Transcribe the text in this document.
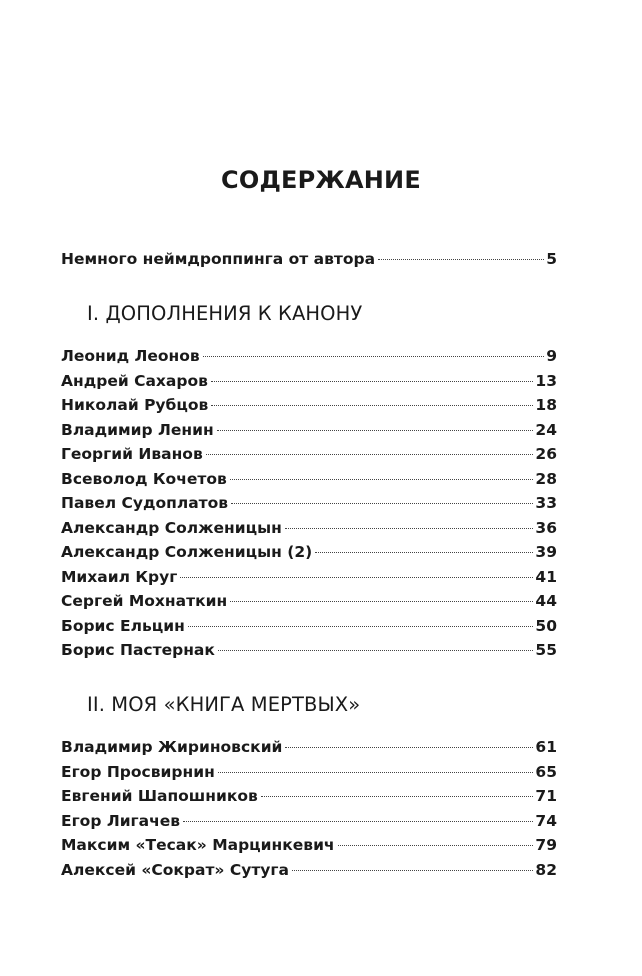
СОДЕРЖАНИЕ
Немного неймдроппинга от автора	5
I. ДОПОЛНЕНИЯ К КАНОНУ
Леонид Леонов	9
Андрей Сахаров	13
Николай Рубцов	18
Владимир Ленин	24
Георгий Иванов	26
Всеволод Кочетов	28
Павел Судоплатов	33
Александр Солженицын	36
Александр Солженицын (2)	39
Михаил Круг	41
Сергей Мохнаткин	44
Борис Ельцин	50
Борис Пастернак	55
II. МОЯ «КНИГА МЕРТВЫХ»
Владимир Жириновский	61
Егор Просвирнин	65
Евгений Шапошников	71
Егор Лигачев	74
Максим «Тесак» Марцинкевич	79
Алексей «Сократ» Сутуга	82
